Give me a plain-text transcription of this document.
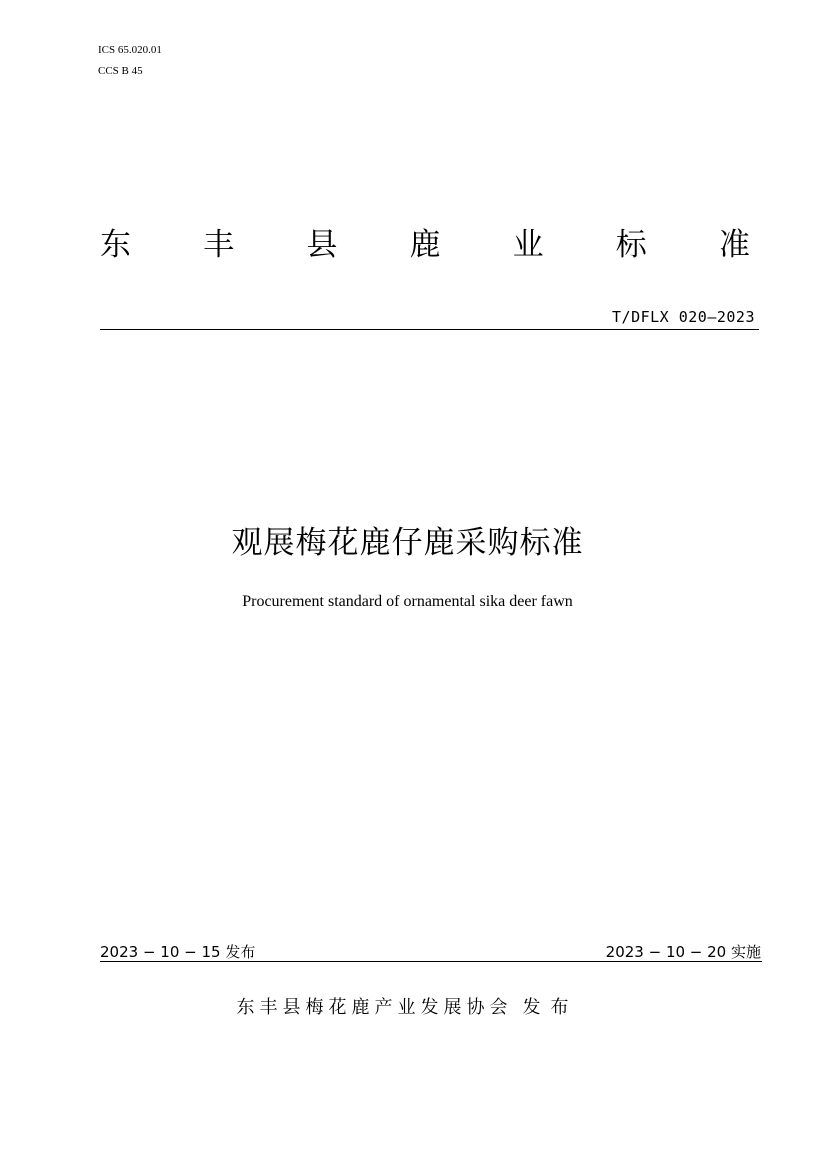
ICS 65.020.01
CCS B 45
东 丰 县 鹿 业 标 准
T/DFLX 020—2023
观展梅花鹿仔鹿采购标准
Procurement standard of ornamental sika deer fawn
2023 − 10 − 15 发布	2023 − 10 − 20 实施
东丰县梅花鹿产业发展协会 发布
